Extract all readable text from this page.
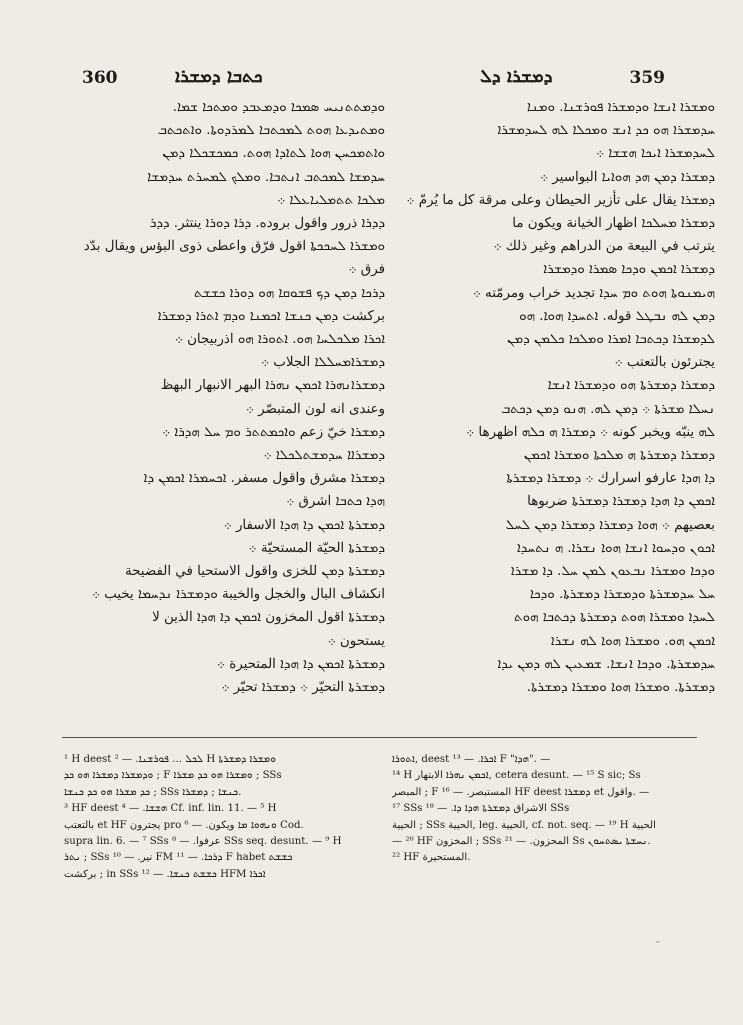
360	ܟܬܒܐ ܕܡܫܪܐ	ܕܡܫܪܐ ܕܠ	359

ܘܕܡܬܬܢܝܚ ܣܡܟܐ ܘܕܡܥܒܕ ܘܡܬܟܐ ܫܡܐ.

ܘܡܬܝܕܥܐ ܗܘܬ ܠܡܟܬܒܐ ܠܡܪܕܘܬܐ. ܘܐܬܟܬܒ

ܘܐܬܡܟܚܢ ܗܘܐ ܠܬܐܕܐ ܗܘܬ. ܟܡܟܫܟܠܐ ܕܡܢ

ܚܕܡܫܐ ܠܡܟܬܒ ܐܢܬܒܐ. ܘܡܠܟ ܠܡܚܪܬ ܚܕܡܫܐ

ܡܠܟܐ ܬܬܡܠܝܐܥܠܐ ܀

ܕܕܪܐ ذرور واقول بروده. ܕܪܐ ܕܘܪܐ ينتثر. ܕܕܪ

ܘܡܫܪܐ ܠܚܟܟܬܐ اقول فرّق واعطى ذوى البؤس ويقال بدّد

فرق ܀

ܕܪܟܐ ܕܡܢ ܕܟ ܦܫܘܩܐ ܗܘ ܕܘܪܐ ܟܫܫܬ

بركشت ܕܡܢ ܟܢܫܐ ܐܟܡܢܐ ܘܕܡ ܐܬܪܐ ܕܡܫܪܐ

ܐܟܪܐ ܡܠܟܠܚܐ ܗܘ. ܐܬܘܪܐ ܗܘ اذربيجان ܀

ܕܡܫܪܐܡܚܠܠܐ الجلاب ܀

ܕܡܫܪܐܢܗܪܐ ܐܟܡܢ ܢܗܪܐ البهر الانبهار البهظ

وعندى انه لون المتبصّر ܀

ܕܡܫܪܐ خيّ زعم ܘܐܟܡܬܬܪ ܘܡ ܚܠ ܗܕܪܐ ܀

ܕܡܫܪܐܐ ܚܕܡܫܬܠܟܠܐ ܀

ܕܡܫܪܐ مشرق واقول مسفر. ܐܟܚܡܪܐ ܐܟܡܢ ܕܐ

ܗܕܐ ܟܬܒܐ اشرق ܀

ܕܡܫܪܬܐ ܐܟܡܢ ܕܐ ܗܕܐ الاسفار ܀

ܕܡܫܪܬܐ الحيّة المستحيّة ܀

ܕܡܫܪܬܐ ܕܡܢ للخزى واقول الاستحيا في الفضيحة

انكشاف البال والخجل والخيبة ܘܕܡܫܪܐ ܢܕܚܡܐ يخيب ܀

ܕܡܫܪܬܐ اقول المخزون ܐܟܡܢ ܕܐ ܗܕܐ الذين لا

يستحون ܀

ܕܡܫܪܬܐ ܐܟܡܢ ܕܐ ܗܕܐ المتحيرة ܀

ܕܡܫܪܬܐ التحيّر ܀ ܕܡܫܪܐ تحيّر ܀

ܘܡܫܪܐ ܐܢܫܐ ܘܕܡܫܪܐ ܦܘܪܫܢܐ. ܘܡܢܐ

ܚܕܡܫܪܐ ܗܘ ܟܕ ܐܢܫ ܘܡܟܠܐ ܠܗ ܠܚܕܡܫܪܐ

ܠܚܕܡܫܪܐ ܐܝܟܐ ܗܫܫܐ ܀

ܕܡܫܪܐ ܕܡܢ ܗܕ ܗܘܐܝܐ البواسير ܀

ܕܡܫܪܐ يقال على تأزير الحيطان وعلى مرقة كل ما يُرمّ ܀

ܕܡܫܪܐ ܡܚܠܟܐ اظهار الخيانة ويكون ما

يترتب في البيعة من الدراهم وغير ذلك ܀

ܕܡܫܪܐ ܐܟܡܢ ܘܕܟܐ ܣܡܪܐ ܘܕܡܫܪܐ

ܗܝܡܢܘܬܐ ܗܘܬ ܘܡ ܚܕܐ تجديد خراب ومرمّته ܀

ܕܡܢ ܠܗ ܢܒܛܠ قوله. ܐܬܚܕܐ ܗܘܐ. ܗܘ

ܠܕܡܫܪܐ ܕܟܬܒܐ ܐܡܪܐ ܘܡܠܟܐ ܟܠܡܢ ܕܡܢ

يجترئون بالتعتب ܀

ܕܡܫܪܐ ܕܡܫܪܬܐ ܗܘ ܘܕܡܫܪܐ ܐܢܫܐ

ܢܚܠܐ ܡܫܪܬܐ ܀ ܕܡܢ ܠܗ. ܗܢܘ ܕܡܢ ܕܟܬܒ

ܠܗ ينبّه ويخبر كونه ܀ ܕܡܫܪܐ ܗ ܟܠܗ اظهرها ܀

ܕܡܫܪܐ ܕܡܫܪܬܐ ܗ ܡܠܟܬܐ ܘܡܫܪܐ ܐܟܡܢ

ܕܐ ܗܕܐ عارفو اسرارك ܀ ܕܡܫܪܐ ܕܡܫܪܬܐ

ܐܟܡܢ ܕܐ ܗܕܐ ܕܡܫܪܐ ܕܡܫܪܬܐ ضربوها

بعصيهم ܀ ܗܘܐ ܕܡܫܪܐ ܕܡܫܪܐ ܕܡܢ ܠܚܠ

ܐܟܘܢ ܘܕܚܘܐ ܐܢܫܐ ܗܘܐ ܢܫܪܐ. ܗ ܢܬܚܕܐ

ܘܕܟܐ ܘܡܫܪܐ ܢܒܥܘܢ ܠܡܢ ܚܠ. ܕܐ ܡܫܪܐ

ܚܠ ܚܕܡܫܪܬܐ ܘܕܡܫܪܐ ܕܡܫܪܬܐ. ܘܕܟܐ

ܠܚܕܐ ܘܡܫܪܐ ܗܘܬ ܕܡܫܪܬܐ ܕܟܬܒܐ ܗܘܬ

ܐܟܡܢ ܗܘ. ܘܡܫܪܐ ܗܘܐ ܠܗ ܢܫܪܐ

ܚܕܡܫܪܬܐ. ܘܕܟܐ ܐܢܫܐ. ܫܡܥܝܢ ܠܗ ܕܡܢ ܝܕܐ

ܕܡܫܪܬܐ. ܘܡܫܪܐ ܗܘܐ ܘܡܫܪܐ ܕܡܫܪܬܐ.

¹ H deest ܠܟܠ ... ܦܘܪܫܢܐ. — ² H ܘܡܫܪܐ ܕܡܫܪܬܐ

ܘܕܡܫܪܐ ܕܡܫܪܐ ܗܘ ܟܕ ; F ܘܡܫܪܐ ܗܘ ܟܕ ܡܫܪܐ ; SSs

ܟܕ ܡܫܪܐ ܗܘ ܟܕ ܟܢܫܐ ; SSs ܟܢܫܐ ; ܕܡܫܪܐ.

³ HF deest ܗܫܫܐ. — ⁴ Cf. inf. lin. 11. — ⁵ H

بالتعتب et HF يجترون pro ܘܢܗܘܐ ܡܐ ويكون. — ⁶ Cod.

supra lin. 6. — ⁷ SSs عرفوا. — ⁸ SSs seq. desunt. — ⁹ H

ܢܬܪ ; SSs نير. — ¹⁰ FM ܕܪܟܐ. — ¹¹ F habet ܟܫܫܬ

بركشت ; in SSs ܟܫܫܬ ܟܢܫܐ. — ¹² HFM ܐܟܪܐ

ܐܬܘܪܐ, deest ܐܟܪܐ. — ¹³ F "ܗܕܐ". —

¹⁴ H ܐܟܡܢ ܢܗܪܐ الابتهار, cetera desunt. — ¹⁵ S sic; Ss

المبصر ; F المستبصر. — ¹⁶ HF deest ܕܡܫܪܐ et واقول. —

¹⁷ SSs الاشراق ܕܡܫܪܬܐ ܗܕܐ ܕܐ. — ¹⁸ SSs

الحيية ; SSs الحيية, leg. الحيية, cf. not. seq. — ¹⁹ H الحيية

— ²⁰ HF المخزون ; SSs المحزون. — ²¹ Ss ܢܚܫܬܐ ܝܣܬܚܘܢ.

²² HF المستحيرة.

˘
